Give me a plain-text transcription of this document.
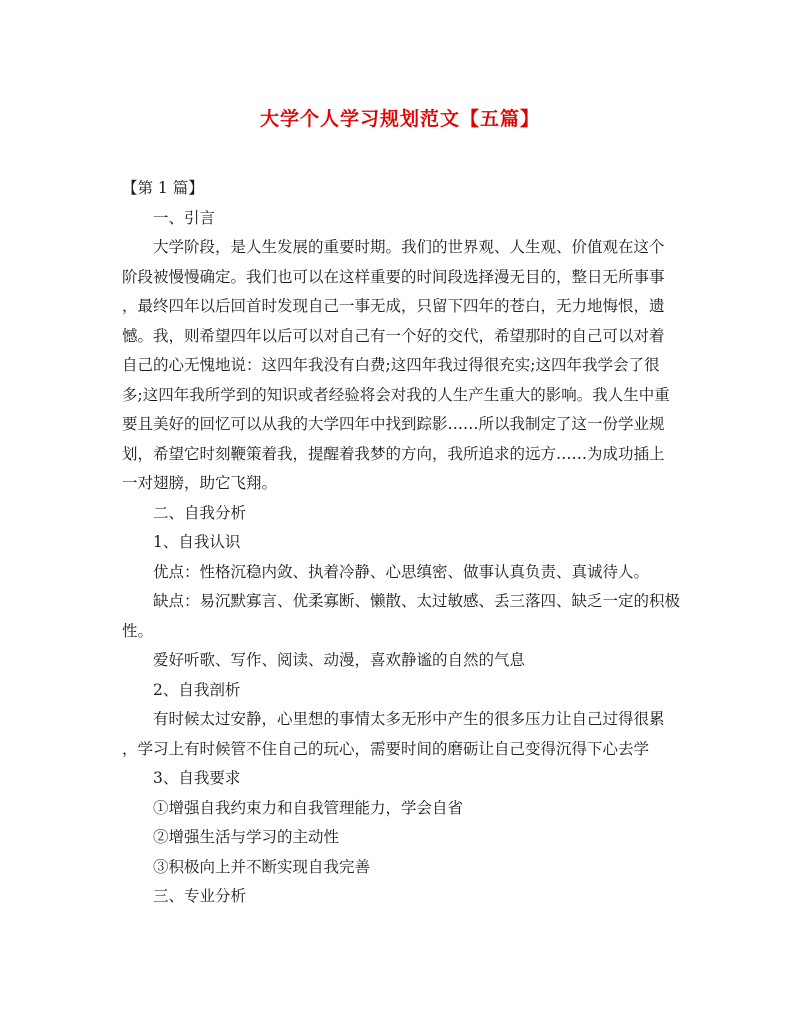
大学个人学习规划范文【五篇】
【第 1 篇】
一、引言
大学阶段，是人生发展的重要时期。我们的世界观、人生观、价值观在这个
阶段被慢慢确定。我们也可以在这样重要的时间段选择漫无目的，整日无所事事
，最终四年以后回首时发现自己一事无成，只留下四年的苍白，无力地悔恨，遗
憾。我，则希望四年以后可以对自己有一个好的交代，希望那时的自己可以对着
自己的心无愧地说：这四年我没有白费;这四年我过得很充实;这四年我学会了很
多;这四年我所学到的知识或者经验将会对我的人生产生重大的影响。我人生中重
要且美好的回忆可以从我的大学四年中找到踪影……所以我制定了这一份学业规
划，希望它时刻鞭策着我，提醒着我梦的方向，我所追求的远方……为成功插上
一对翅膀，助它飞翔。
二、自我分析
1、自我认识
优点：性格沉稳内敛、执着冷静、心思缜密、做事认真负责、真诚待人。
缺点：易沉默寡言、优柔寡断、懒散、太过敏感、丢三落四、缺乏一定的积极
性。
爱好听歌、写作、阅读、动漫，喜欢静谧的自然的气息
2、自我剖析
有时候太过安静，心里想的事情太多无形中产生的很多压力让自己过得很累
，学习上有时候管不住自己的玩心，需要时间的磨砺让自己变得沉得下心去学
3、自我要求
①增强自我约束力和自我管理能力，学会自省
②增强生活与学习的主动性
③积极向上并不断实现自我完善
三、专业分析
